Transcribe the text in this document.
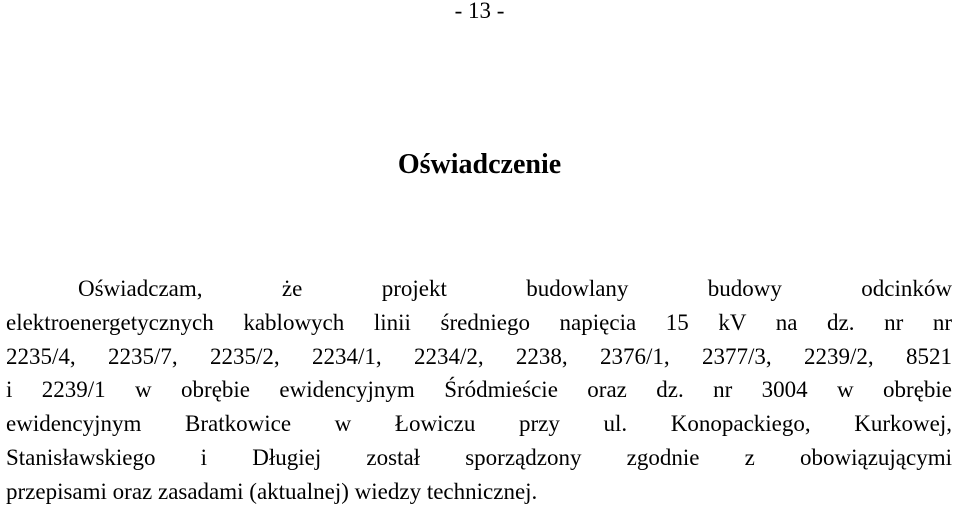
- 13 -
Oświadczenie
Oświadczam, że projekt budowlany budowy odcinków
elektroenergetycznych kablowych linii średniego napięcia 15 kV na dz. nr nr
2235/4, 2235/7, 2235/2, 2234/1, 2234/2, 2238, 2376/1, 2377/3, 2239/2, 8521
i 2239/1 w obrębie ewidencyjnym Śródmieście oraz dz. nr 3004 w obrębie
ewidencyjnym Bratkowice w Łowiczu przy ul. Konopackiego, Kurkowej,
Stanisławskiego i Długiej został sporządzony zgodnie z obowiązującymi
przepisami oraz zasadami (aktualnej) wiedzy technicznej.
